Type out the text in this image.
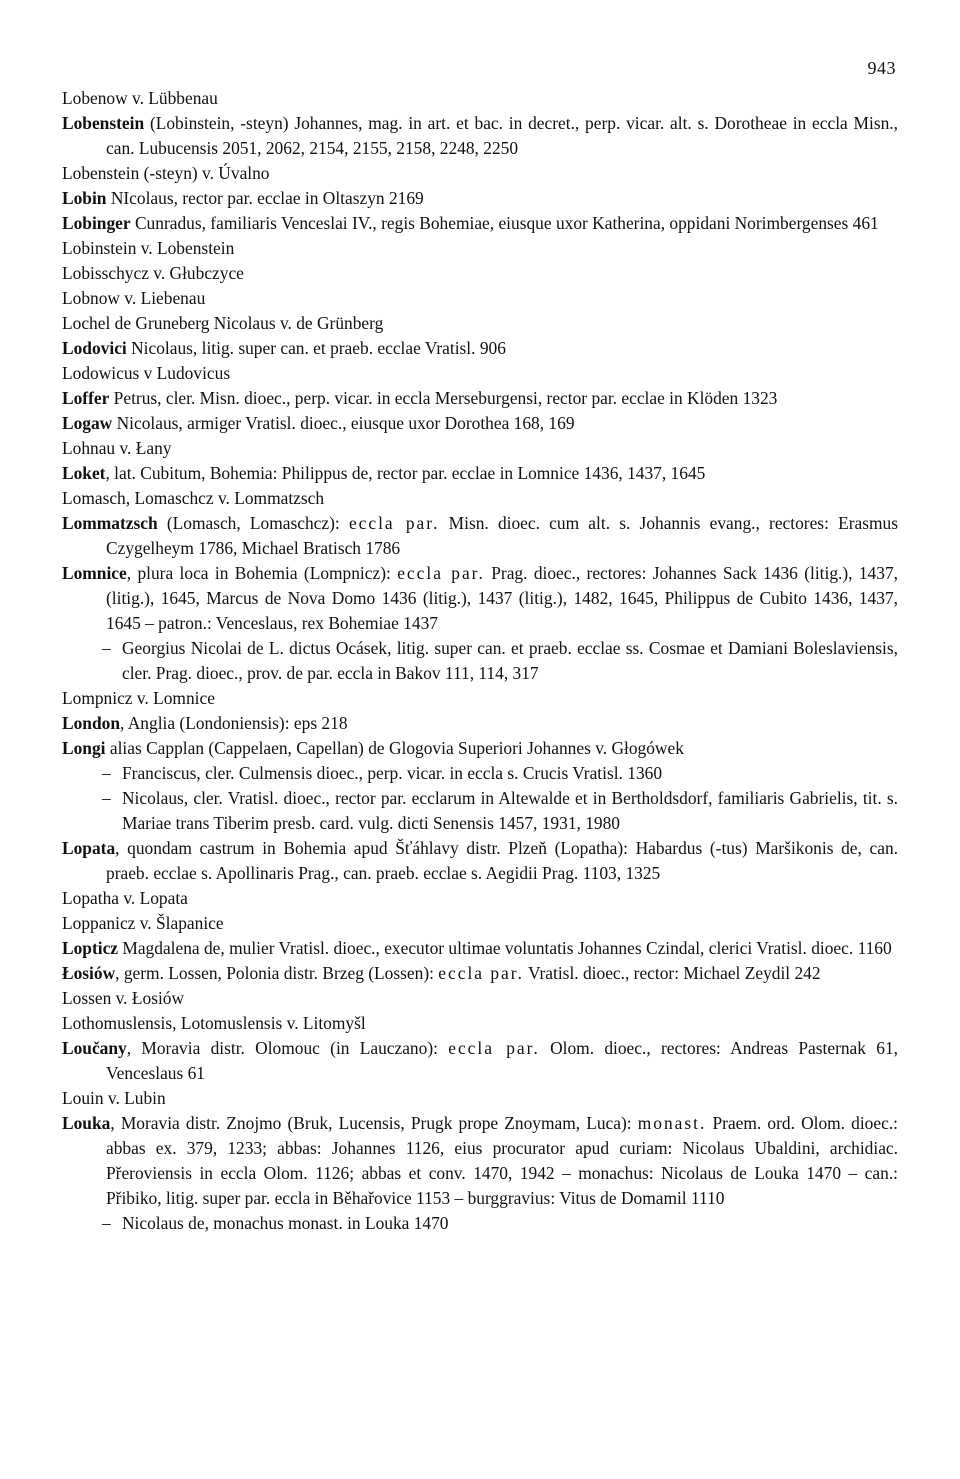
943

Lobenow v. Lübbenau

Lobenstein (Lobinstein, -steyn) Johannes, mag. in art. et bac. in decret., perp. vicar. alt. s. Dorotheae in eccla Misn., can. Lubucensis 2051, 2062, 2154, 2155, 2158, 2248, 2250

Lobenstein (-steyn) v. Úvalno

Lobin NIcolaus, rector par. ecclae in Oltaszyn 2169

Lobinger Cunradus, familiaris Venceslai IV., regis Bohemiae, eiusque uxor Katherina, oppidani Norimbergenses 461

Lobinstein v. Lobenstein

Lobisschycz v. Głubczyce

Lobnow v. Liebenau

Lochel de Gruneberg Nicolaus v. de Grünberg

Lodovici Nicolaus, litig. super can. et praeb. ecclae Vratisl. 906

Lodowicus v Ludovicus

Loffer Petrus, cler. Misn. dioec., perp. vicar. in eccla Merseburgensi, rector par. ecclae in Klöden 1323

Logaw Nicolaus, armiger Vratisl. dioec., eiusque uxor Dorothea 168, 169

Lohnau v. Łany

Loket, lat. Cubitum, Bohemia: Philippus de, rector par. ecclae in Lomnice 1436, 1437, 1645

Lomasch, Lomaschcz v. Lommatzsch

Lommatzsch (Lomasch, Lomaschcz): eccla par. Misn. dioec. cum alt. s. Johannis evang., rectores: Erasmus Czygelheym 1786, Michael Bratisch 1786

Lomnice, plura loca in Bohemia (Lompnicz): eccla par. Prag. dioec., rectores: Johannes Sack 1436 (litig.), 1437,(litig.), 1645, Marcus de Nova Domo 1436 (litig.), 1437 (litig.), 1482, 1645, Philippus de Cubito 1436, 1437, 1645 – patron.: Venceslaus, rex Bohemiae 1437

– Georgius Nicolai de L. dictus Ocásek, litig. super can. et praeb. ecclae ss. Cosmae et Damiani Boleslaviensis, cler. Prag. dioec., prov. de par. eccla in Bakov 111, 114, 317

Lompnicz v. Lomnice

London, Anglia (Londoniensis): eps 218

Longi alias Capplan (Cappelaen, Capellan) de Glogovia Superiori Johannes v. Głogówek

– Franciscus, cler. Culmensis dioec., perp. vicar. in eccla s. Crucis Vratisl. 1360

– Nicolaus, cler. Vratisl. dioec., rector par. ecclarum in Altewalde et in Bertholdsdorf, familiaris Gabrielis, tit. s. Mariae trans Tiberim presb. card. vulg. dicti Senensis 1457, 1931, 1980

Lopata, quondam castrum in Bohemia apud Šťáhlavy distr. Plzeň (Lopatha): Habardus (-tus) Maršikonis de, can. praeb. ecclae s. Apollinaris Prag., can. praeb. ecclae s. Aegidii Prag. 1103, 1325

Lopatha v. Lopata

Loppanicz v. Šlapanice

Lopticz Magdalena de, mulier Vratisl. dioec., executor ultimae voluntatis Johannes Czindal, clerici Vratisl. dioec. 1160

Łosiów, germ. Lossen, Polonia distr. Brzeg (Lossen): eccla par. Vratisl. dioec., rector: Michael Zeydil 242

Lossen v. Łosiów

Lothomuslensis, Lotomuslensis v. Litomyšl

Loučany, Moravia distr. Olomouc (in Lauczano): eccla par. Olom. dioec., rectores: Andreas Pasternak 61, Venceslaus 61

Louin v. Lubin

Louka, Moravia distr. Znojmo (Bruk, Lucensis, Prugk prope Znoymam, Luca): monast. Praem. ord. Olom. dioec.: abbas ex. 379, 1233; abbas: Johannes 1126, eius procurator apud curiam: Nicolaus Ubaldini, archidiac. Přeroviensis in eccla Olom. 1126; abbas et conv. 1470, 1942 – monachus: Nicolaus de Louka 1470 – can.: Přibiko, litig. super par. eccla in Běhařovice 1153 – burggravius: Vitus de Domamil 1110

– Nicolaus de, monachus monast. in Louka 1470
